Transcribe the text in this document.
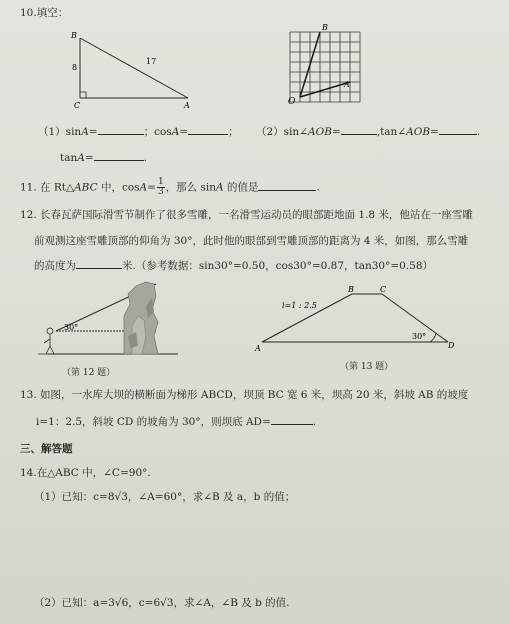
10.填空：
B
8
17
C	A
B
A
O
（1）sinA=	；cosA=	； （2）sin∠AOB=	,tan∠AOB=	.
tanA=	.
11. 在 Rt△ABC 中，$\cos A= \frac{1}{3}$ ，那么 sinA 的值是	.
12. 长春瓦萨国际滑雪节制作了很多雪雕，一名滑雪运动员的眼部距地面 1.8 米，他站在一座雪雕
前观测这座雪雕顶部的仰角为 30°，此时他的眼部到雪雕顶部的距离为 4 米，如图，那么雪雕
的高度为	米.（参考数据：sin30°=0.50，cos30°=0.87，tan30°=0.58）
30°
（第 12 题）
i=1 : 2.5
B	C
A	D
30°
（第 13 题）
13. 如图，一水库大坝的横断面为梯形 ABCD，坝顶 BC 宽 6 米，坝高 20 米，斜坡 AB 的坡度
i=1：2.5，斜坡 CD 的坡角为 30°，则坝底 AD=	.
三、解答题
14.在△ABC 中，∠C=90°.
（1）已知：c=8√3，∠A=60°，求∠B 及 a，b 的值；
（2）已知：a=3√6，c=6√3，求∠A，∠B 及 b 的值.
